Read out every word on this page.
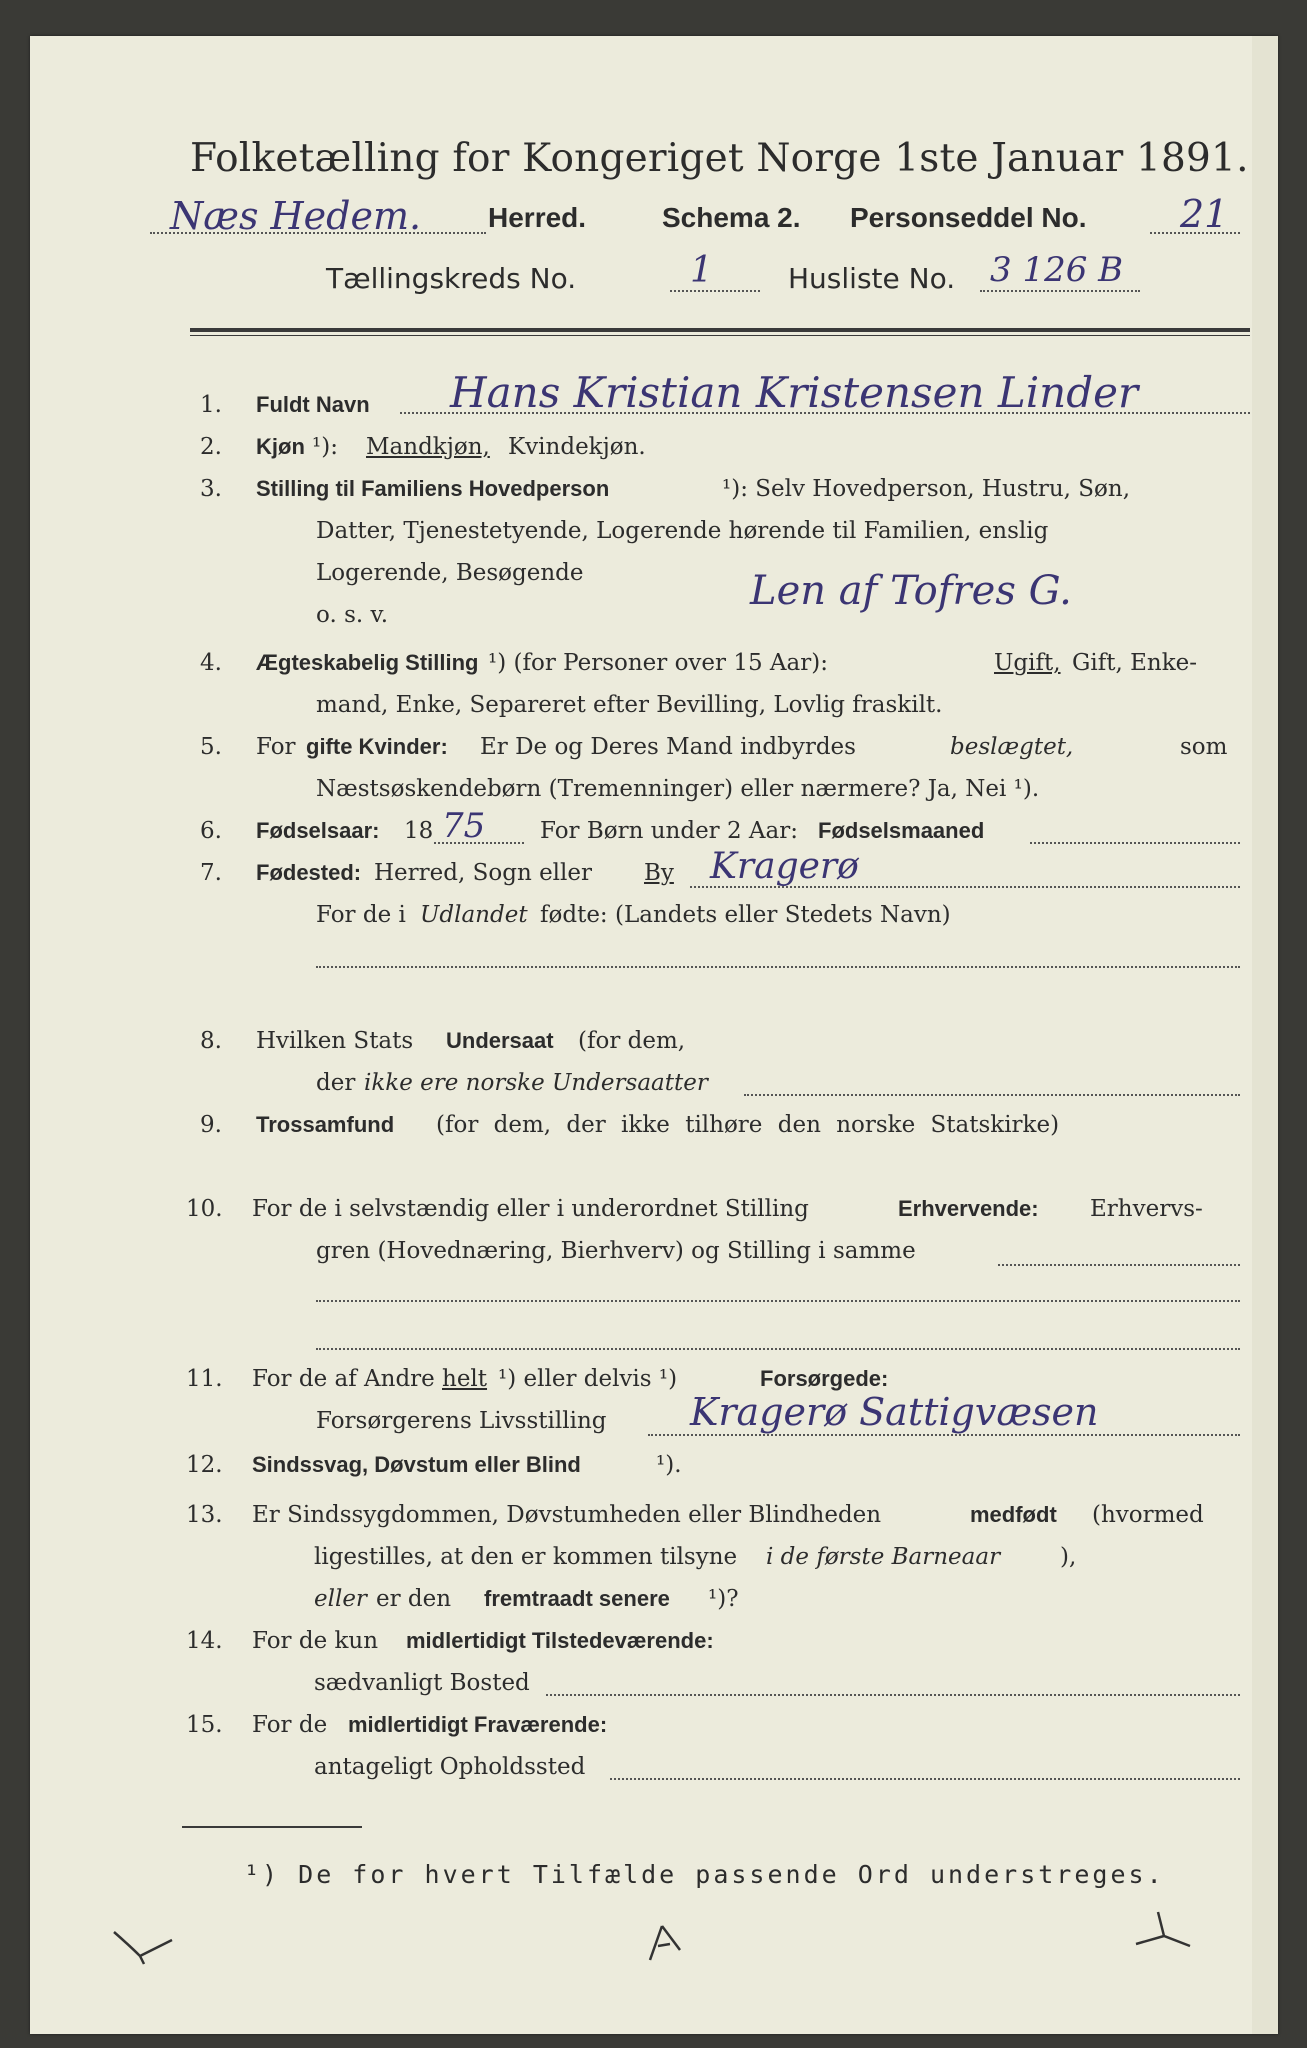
Folketælling for Kongeriget Norge 1ste Januar 1891.
Næs Hedem. Herred.	Schema 2. Personseddel No. 21
Tællingskreds No.	1	Husliste No. 3 126 B
1. Fuldt Navn Hans Kristian Kristensen Linder
2. Kjøn ¹): Mandkjøn, Kvindekjøn.
3. Stilling til Familiens Hovedperson	¹): Selv Hovedperson, Hustru, Søn,
Datter, Tjenestetyende, Logerende hørende til Familien, enslig
Logerende, Besøgende
o. s. v.
Len af Tofres G.
4. Ægteskabelig Stilling ¹) (for Personer over 15 Aar):	Ugift, Gift, Enke-
mand, Enke, Separeret efter Bevilling, Lovlig fraskilt.
5. For gifte Kvinder: Er De og Deres Mand indbyrdes	beslægtet,	som
Næstsøskendebørn (Tremenninger) eller nærmere? Ja, Nei ¹).
6. Fødselsaar: 18 75 For Børn under 2 Aar: Fødselsmaaned
7. Fødested: Herred, Sogn eller By Kragerø
For de i Udlandet fødte: (Landets eller Stedets Navn)
8. Hvilken Stats Undersaat (for dem,
der ikke ere norske Undersaatter
9. Trossamfund (for dem, der ikke tilhøre den norske Statskirke)
10. For de i selvstændig eller i underordnet Stilling	Erhvervende: Erhvervs-
gren (Hovednæring, Bierhverv) og Stilling i samme
11. For de af Andre helt ¹) eller delvis ¹)	Forsørgede:
Forsørgerens Livsstilling Kragerø Sattigvæsen
12. Sindssvag, Døvstum eller Blind	¹).
13. Er Sindssygdommen, Døvstumheden eller Blindheden	medfødt (hvormed
ligestilles, at den er kommen tilsyne i de første Barneaar	),
eller er den fremtraadt senere ¹)?
14. For de kun midlertidigt Tilstedeværende:
sædvanligt Bosted
15. For de midlertidigt Fraværende:
antageligt Opholdssted
¹) De for hvert Tilfælde passende Ord understreges.
